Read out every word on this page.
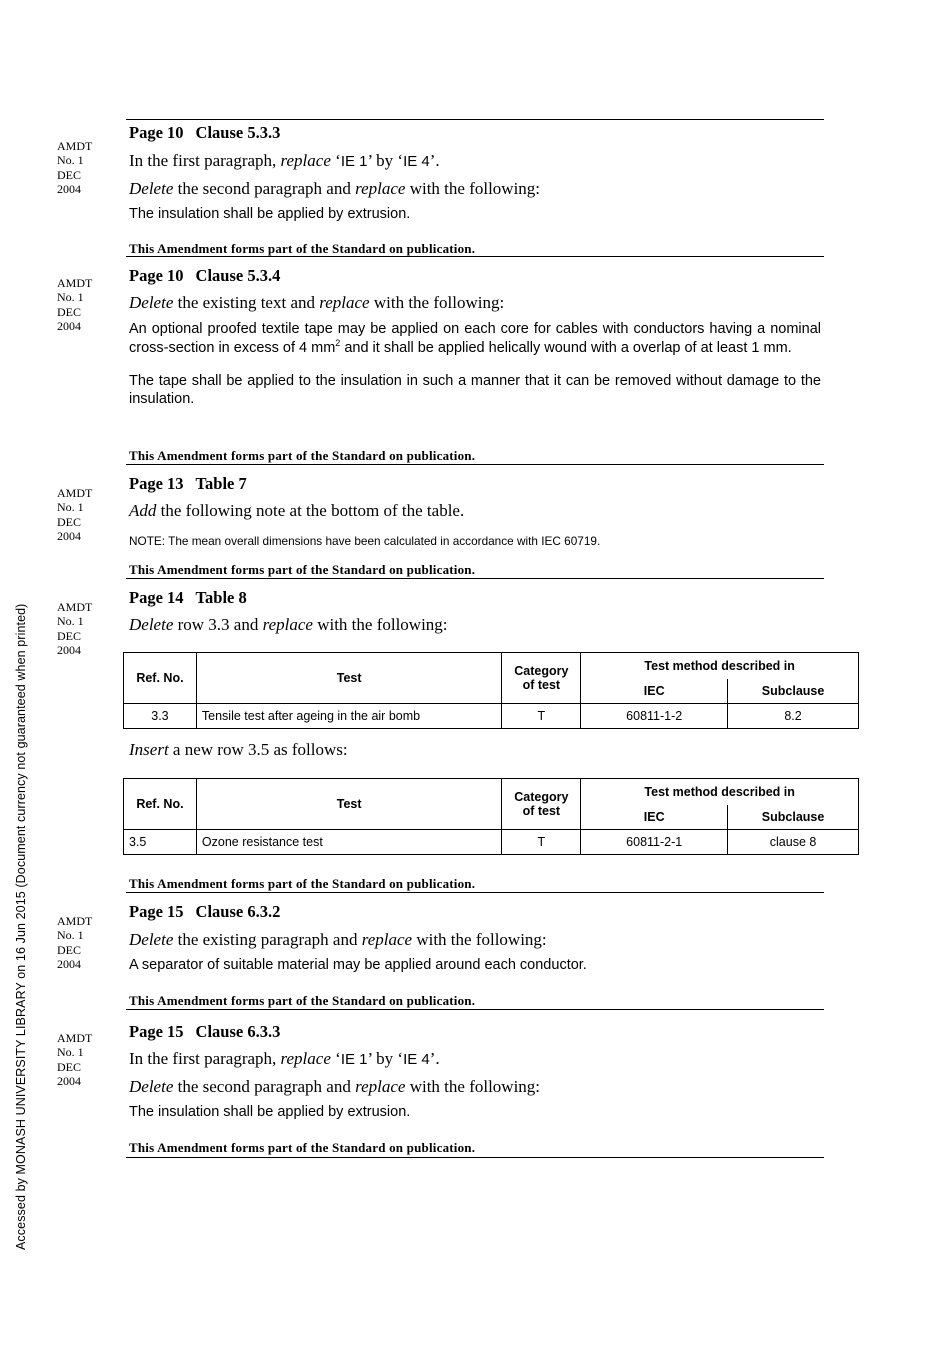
Accessed by MONASH UNIVERSITY LIBRARY on 16 Jun 2015 (Document currency not guaranteed when printed)
AMDT
No. 1
DEC
2004
Page 10 Clause 5.3.3
In the first paragraph, replace ‘IE 1’ by ‘IE 4’.
Delete the second paragraph and replace with the following:
The insulation shall be applied by extrusion.
This Amendment forms part of the Standard on publication.
AMDT
No. 1
DEC
2004
Page 10 Clause 5.3.4
Delete the existing text and replace with the following:
An optional proofed textile tape may be applied on each core for cables with conductors having a nominal cross-section in excess of 4 $mm^2$ and it shall be applied helically wound with a overlap of at least 1 mm.
The tape shall be applied to the insulation in such a manner that it can be removed without damage to the insulation.
This Amendment forms part of the Standard on publication.
AMDT
No. 1
DEC
2004
Page 13 Table 7
Add the following note at the bottom of the table.
NOTE: The mean overall dimensions have been calculated in accordance with IEC 60719.
This Amendment forms part of the Standard on publication.
AMDT
No. 1
DEC
2004
Page 14 Table 8
Delete row 3.3 and replace with the following:
Ref. No.	Test	Category of test	Test method described in	
			IEC	Subclause
3.3	Tensile test after ageing in the air bomb	T	60811-1-2	8.2
Insert a new row 3.5 as follows:
Ref. No.	Test	Category of test	Test method described in	
			IEC	Subclause
3.5	Ozone resistance test	T	60811-2-1	clause 8
This Amendment forms part of the Standard on publication.
AMDT
No. 1
DEC
2004
Page 15 Clause 6.3.2
Delete the existing paragraph and replace with the following:
A separator of suitable material may be applied around each conductor.
This Amendment forms part of the Standard on publication.
AMDT
No. 1
DEC
2004
Page 15 Clause 6.3.3
In the first paragraph, replace ‘IE 1’ by ‘IE 4’.
Delete the second paragraph and replace with the following:
The insulation shall be applied by extrusion.
This Amendment forms part of the Standard on publication.
